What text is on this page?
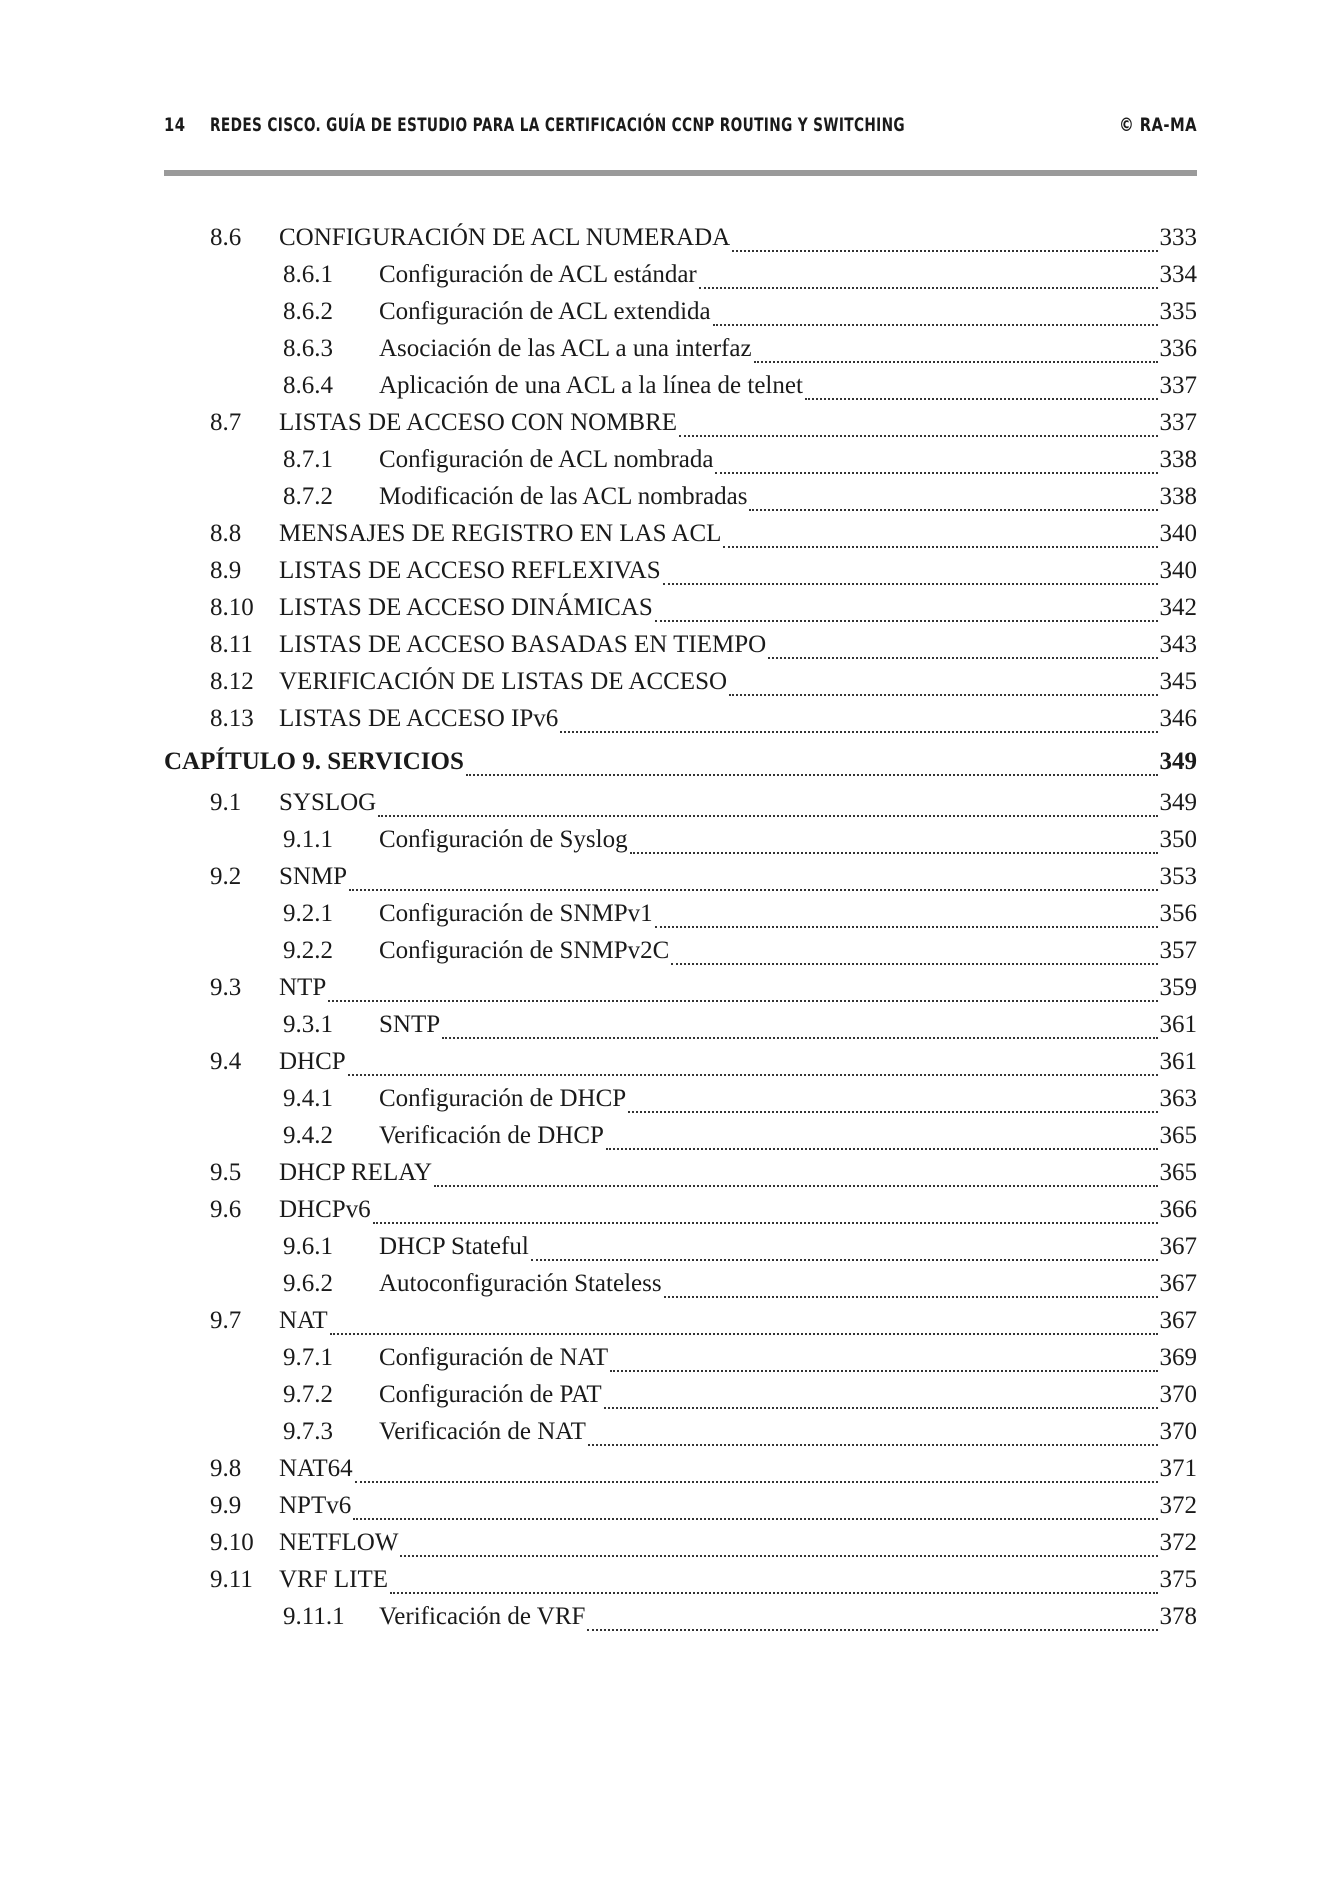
14 REDES CISCO. GUÍA DE ESTUDIO PARA LA CERTIFICACIÓN CCNP ROUTING Y SWITCHING	© RA-MA
8.6	CONFIGURACIÓN DE ACL NUMERADA	333
8.6.1	Configuración de ACL estándar	334
8.6.2	Configuración de ACL extendida	335
8.6.3	Asociación de las ACL a una interfaz	336
8.6.4	Aplicación de una ACL a la línea de telnet	337
8.7	LISTAS DE ACCESO CON NOMBRE	337
8.7.1	Configuración de ACL nombrada	338
8.7.2	Modificación de las ACL nombradas	338
8.8	MENSAJES DE REGISTRO EN LAS ACL	340
8.9	LISTAS DE ACCESO REFLEXIVAS	340
8.10 LISTAS DE ACCESO DINÁMICAS	342
8.11 LISTAS DE ACCESO BASADAS EN TIEMPO	343
8.12 VERIFICACIÓN DE LISTAS DE ACCESO	345
8.13 LISTAS DE ACCESO IPv6	346
CAPÍTULO 9. SERVICIOS	349
9.1	SYSLOG	349
9.1.1	Configuración de Syslog	350
9.2	SNMP	353
9.2.1	Configuración de SNMPv1	356
9.2.2	Configuración de SNMPv2C	357
9.3	NTP	359
9.3.1	SNTP	361
9.4	DHCP	361
9.4.1	Configuración de DHCP	363
9.4.2	Verificación de DHCP	365
9.5	DHCP RELAY	365
9.6	DHCPv6	366
9.6.1	DHCP Stateful	367
9.6.2	Autoconfiguración Stateless	367
9.7	NAT	367
9.7.1	Configuración de NAT	369
9.7.2	Configuración de PAT	370
9.7.3	Verificación de NAT	370
9.8	NAT64	371
9.9	NPTv6	372
9.10 NETFLOW	372
9.11 VRF LITE	375
9.11.1	Verificación de VRF	378
